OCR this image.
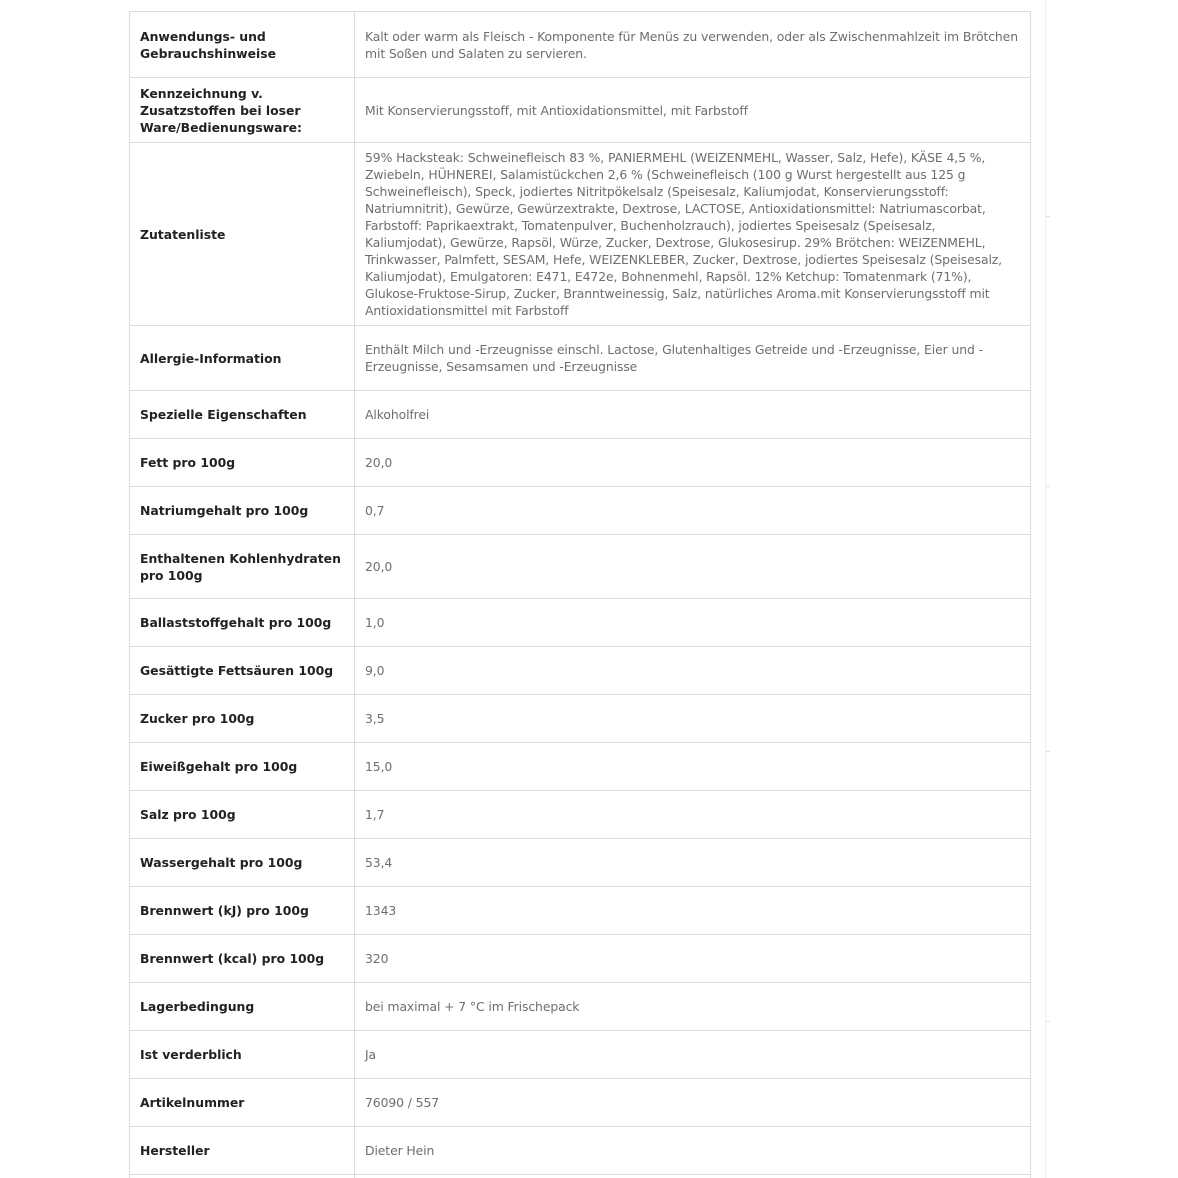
Anwendungs- und Gebrauchshinweise	Kalt oder warm als Fleisch - Komponente für Menüs zu verwenden, oder als Zwischenmahlzeit im Brötchen mit Soßen und Salaten zu servieren.
Kennzeichnung v. Zusatzstoffen bei loser Ware/Bedienungsware:	Mit Konservierungsstoff, mit Antioxidationsmittel, mit Farbstoff
Zutatenliste	59% Hacksteak: Schweinefleisch 83 %, PANIERMEHL (WEIZENMEHL, Wasser, Salz, Hefe), KÄSE 4,5 %, Zwiebeln, HÜHNEREI, Salamistückchen 2,6 % (Schweinefleisch (100 g Wurst hergestellt aus 125 g Schweinefleisch), Speck, jodiertes Nitritpökelsalz (Speisesalz, Kaliumjodat, Konservierungsstoff: Natriumnitrit), Gewürze, Gewürzextrakte, Dextrose, LACTOSE, Antioxidationsmittel: Natriumascorbat, Farbstoff: Paprikaextrakt, Tomatenpulver, Buchenholzrauch), jodiertes Speisesalz (Speisesalz, Kaliumjodat), Gewürze, Rapsöl, Würze, Zucker, Dextrose, Glukosesirup. 29% Brötchen: WEIZENMEHL, Trinkwasser, Palmfett, SESAM, Hefe, WEIZENKLEBER, Zucker, Dextrose, jodiertes Speisesalz (Speisesalz, Kaliumjodat), Emulgatoren: E471, E472e, Bohnenmehl, Rapsöl. 12% Ketchup: Tomatenmark (71%), Glukose-Fruktose-Sirup, Zucker, Branntweinessig, Salz, natürliches Aroma.mit Konservierungsstoff mit Antioxidationsmittel mit Farbstoff
Allergie-Information	Enthält Milch und -Erzeugnisse einschl. Lactose, Glutenhaltiges Getreide und -Erzeugnisse, Eier und -Erzeugnisse, Sesamsamen und -Erzeugnisse
Spezielle Eigenschaften	Alkoholfrei
Fett pro 100g	20,0
Natriumgehalt pro 100g	0,7
Enthaltenen Kohlenhydraten pro 100g	20,0
Ballaststoffgehalt pro 100g	1,0
Gesättigte Fettsäuren 100g	9,0
Zucker pro 100g	3,5
Eiweißgehalt pro 100g	15,0
Salz pro 100g	1,7
Wassergehalt pro 100g	53,4
Brennwert (kJ) pro 100g	1343
Brennwert (kcal) pro 100g	320
Lagerbedingung	bei maximal + 7 °C im Frischepack
Ist verderblich	Ja
Artikelnummer	76090 / 557
Hersteller	Dieter Hein
